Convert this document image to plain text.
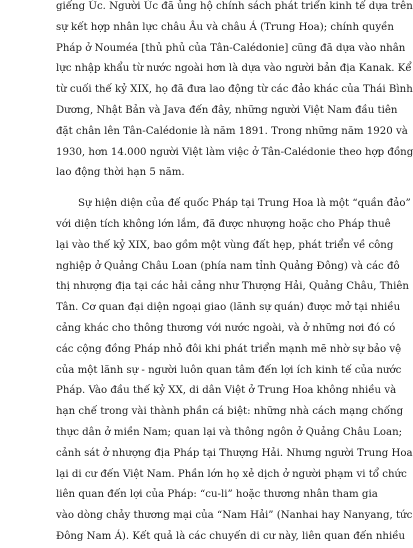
giếng Úc. Người Úc đã ủng hộ chính sách phát triển kinh tế dựa trên
sự kết hợp nhân lực châu Âu và châu Á (Trung Hoa); chính quyền
Pháp ở Nouméa [thủ phủ của Tân-Calédonie] cũng đã dựa vào nhân
lực nhập khẩu từ nước ngoài hơn là dựa vào người bản địa Kanak. Kể
từ cuối thế kỷ XIX, họ đã đưa lao động từ các đảo khác của Thái Bình
Dương, Nhật Bản và Java đến đây, những người Việt Nam đầu tiên
đặt chân lên Tân-Calédonie là năm 1891. Trong những năm 1920 và
1930, hơn 14.000 người Việt làm việc ở Tân-Calédonie theo hợp đồng
lao động thời hạn 5 năm.
Sự hiện diện của đế quốc Pháp tại Trung Hoa là một “quần đảo”
với diện tích không lớn lắm, đã được nhượng hoặc cho Pháp thuê
lại vào thế kỷ XIX, bao gồm một vùng đất hẹp, phát triển về công
nghiệp ở Quảng Châu Loan (phía nam tỉnh Quảng Đông) và các đô
thị nhượng địa tại các hải cảng như Thượng Hải, Quảng Châu, Thiên
Tân. Cơ quan đại diện ngoại giao (lãnh sự quán) được mở tại nhiều
cảng khác cho thông thương với nước ngoài, và ở những nơi đó có
các cộng đồng Pháp nhỏ đôi khi phát triển mạnh mẽ nhờ sự bảo vệ
của một lãnh sự - người luôn quan tâm đến lợi ích kinh tế của nước
Pháp. Vào đầu thế kỷ XX, di dân Việt ở Trung Hoa không nhiều và
hạn chế trong vài thành phần cá biệt: những nhà cách mạng chống
thực dân ở miền Nam; quan lại và thông ngôn ở Quảng Châu Loan;
cảnh sát ở nhượng địa Pháp tại Thượng Hải. Nhưng người Trung Hoa
lại di cư đến Việt Nam. Phần lớn họ xẻ dịch ở người phạm vi tổ chức
liên quan đến lợi của Pháp: “cu-li” hoặc thương nhân tham gia
vào dòng chảy thương mại của “Nam Hải” (Nanhai hay Nanyang, tức
Đông Nam Á). Kết quả là các chuyến di cư này, liên quan đến nhiều
